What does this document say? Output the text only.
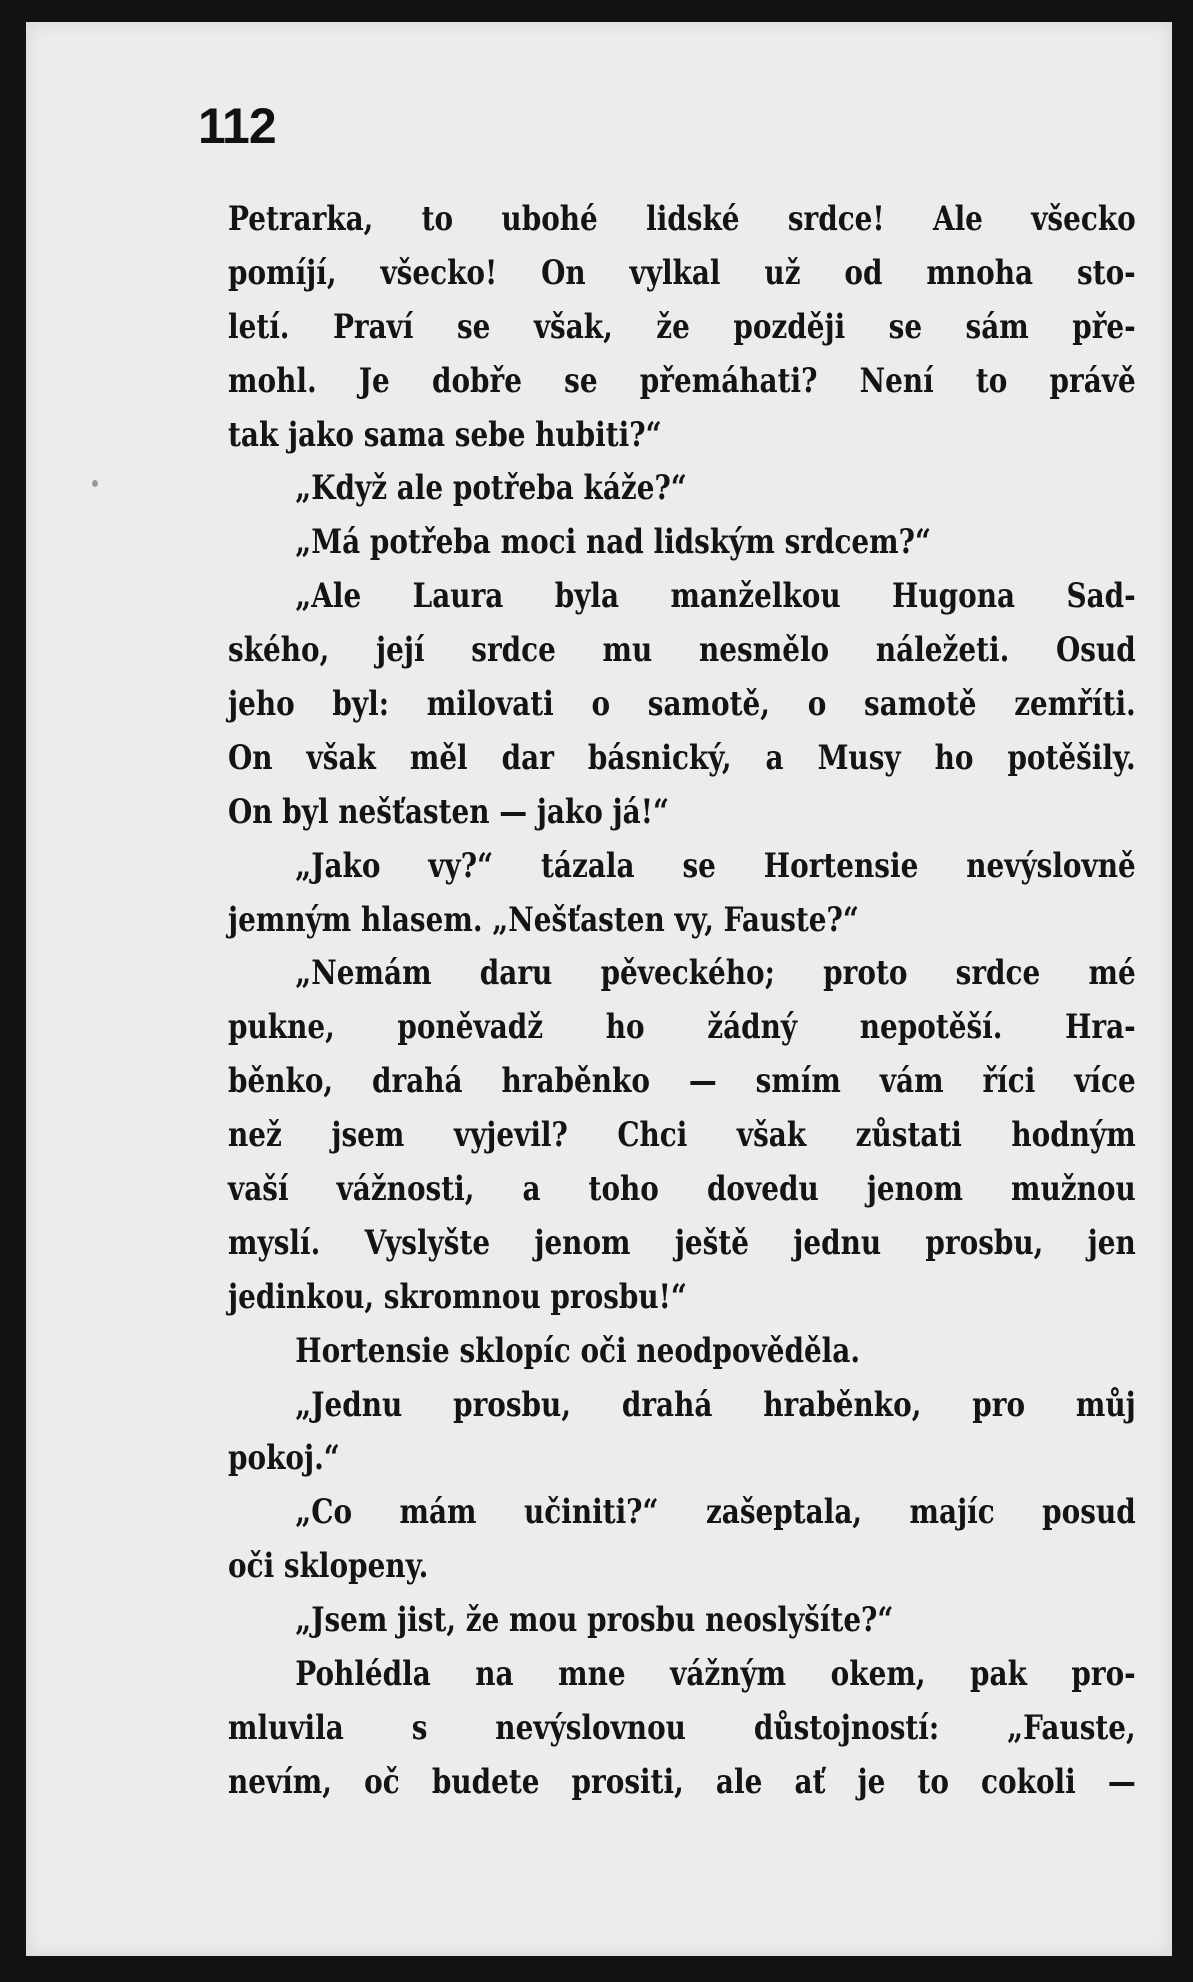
112
Petrarka, to ubohé lidské srdce! Ale všecko
pomíjí, všecko! On vylkal už od mnoha sto-
letí. Praví se však, že později se sám pře-
mohl. Je dobře se přemáhati? Není to právě
tak jako sama sebe hubiti?“
„Když ale potřeba káže?“
„Má potřeba moci nad lidským srdcem?“
„Ale Laura byla manželkou Hugona Sad-
ského, její srdce mu nesmělo náležeti. Osud
jeho byl: milovati o samotě, o samotě zemříti.
On však měl dar básnický, a Musy ho potěšily.
On byl nešťasten — jako já!“
„Jako vy?“ tázala se Hortensie nevýslovně
jemným hlasem. „Nešťasten vy, Fauste?“
„Nemám daru pěveckého; proto srdce mé
pukne, poněvadž ho žádný nepotěší. Hra-
běnko, drahá hraběnko — smím vám říci více
než jsem vyjevil? Chci však zůstati hodným
vaší vážnosti, a toho dovedu jenom mužnou
myslí. Vyslyšte jenom ještě jednu prosbu, jen
jedinkou, skromnou prosbu!“
Hortensie sklopíc oči neodpověděla.
„Jednu prosbu, drahá hraběnko, pro můj
pokoj.“
„Co mám učiniti?“ zašeptala, majíc posud
oči sklopeny.
„Jsem jist, že mou prosbu neoslyšíte?“
Pohlédla na mne vážným okem, pak pro-
mluvila s nevýslovnou důstojností: „Fauste,
nevím, oč budete prositi, ale ať je to cokoli —
